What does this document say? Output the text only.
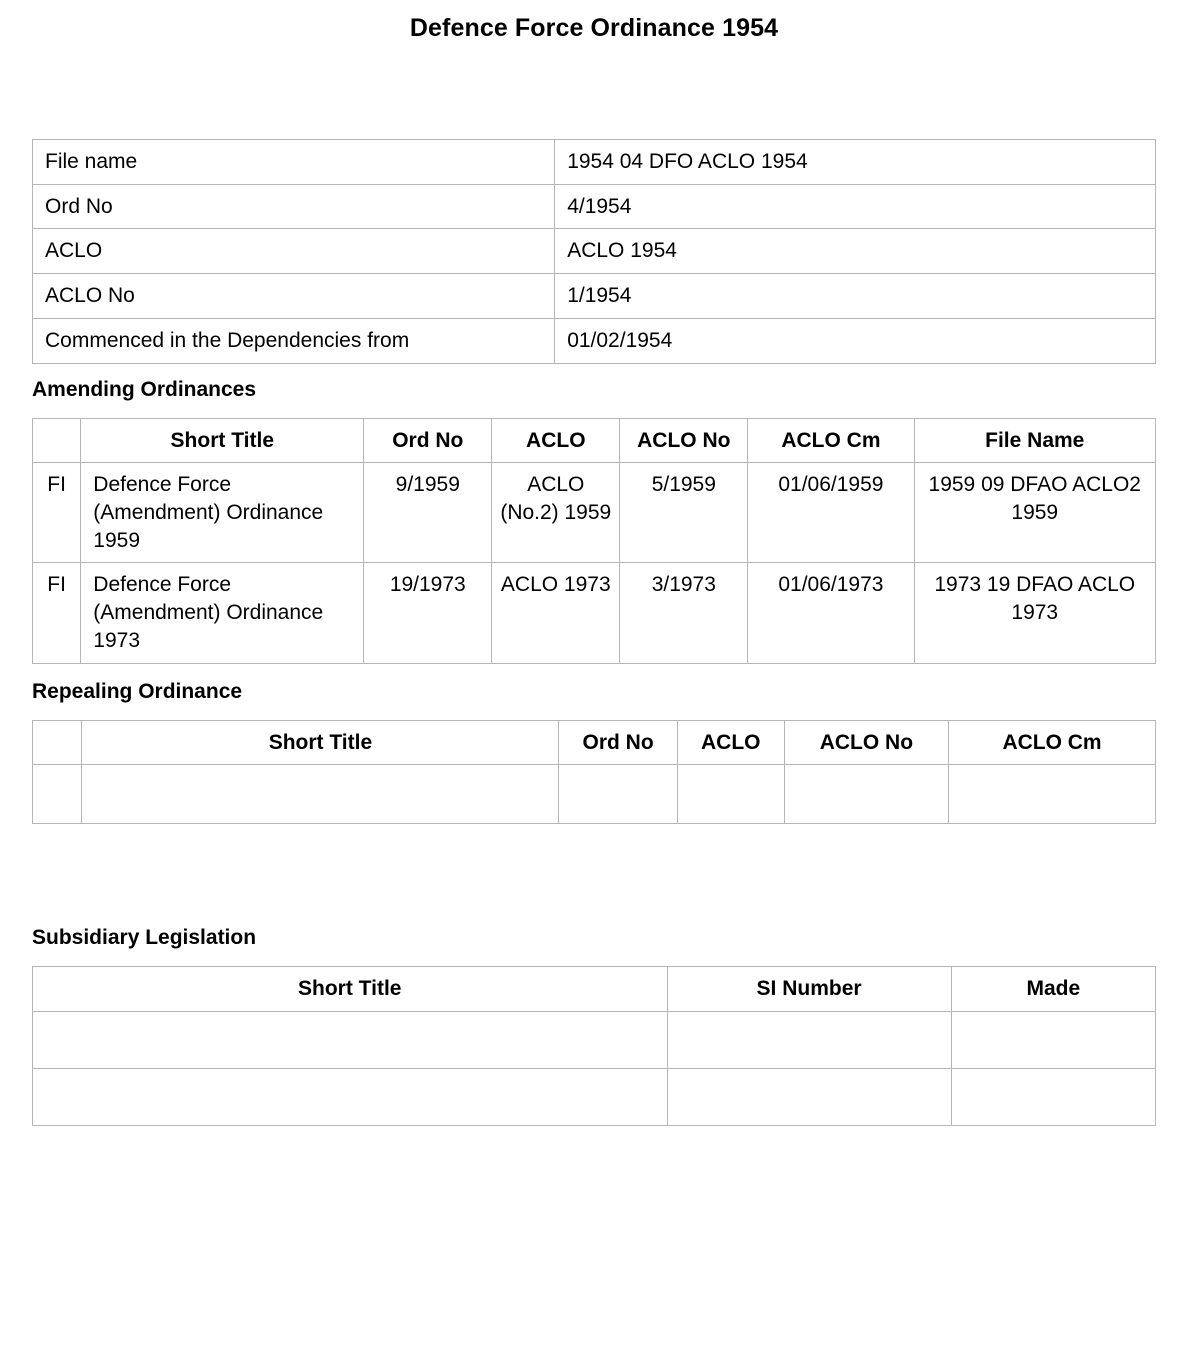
Defence Force Ordinance 1954
File name	1954 04 DFO ACLO 1954
Ord No	4/1954
ACLO	ACLO 1954
ACLO No	1/1954
Commenced in the Dependencies from	01/02/1954
Amending Ordinances
	Short Title	Ord No	ACLO	ACLO No	ACLO Cm	File Name
FI	Defence Force (Amendment) Ordinance 1959	9/1959	ACLO (No.2) 1959	5/1959	01/06/1959	1959 09 DFAO ACLO2 1959
FI	Defence Force (Amendment) Ordinance 1973	19/1973	ACLO 1973	3/1973	01/06/1973	1973 19 DFAO ACLO 1973
Repealing Ordinance
	Short Title	Ord No	ACLO	ACLO No	ACLO Cm

Subsidiary Legislation
Short Title	SI Number	Made
